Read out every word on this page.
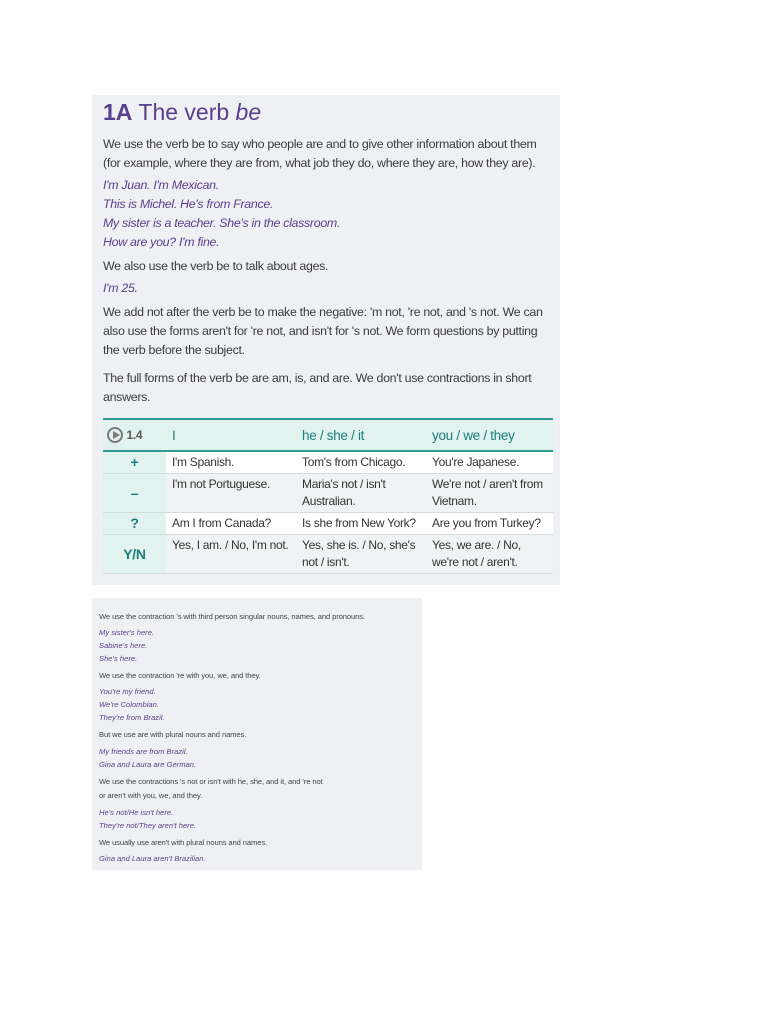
1A The verb be

We use the verb be to say who people are and to give other information about them (for example, where they are from, what job they do, where they are, how they are).

I'm Juan. I'm Mexican.

This is Michel. He's from France.

My sister is a teacher. She's in the classroom.

How are you? I'm fine.

We also use the verb be to talk about ages.

I'm 25.

We add not after the verb be to make the negative: 'm not, 're not, and 's not. We can also use the forms aren't for 're not, and isn't for 's not. We form questions by putting the verb before the subject.

The full forms of the verb be are am, is, and are. We don't use contractions in short answers.

1.4	I	he / she / it	you / we / they
+	I'm Spanish.	Tom's from Chicago.	You're Japanese.
–	I'm not Portuguese.	Maria's not / isn't Australian.	We're not / aren't from Vietnam.
?	Am I from Canada?	Is she from New York?	Are you from Turkey?
Y/N	Yes, I am. / No, I'm not.	Yes, she is. / No, she's not / isn't.	Yes, we are. / No, we're not / aren't.

We use the contraction 's with third person singular nouns, names, and pronouns.

My sister's here.

Sabine's here.

She's here.

We use the contraction 're with you, we, and they.

You're my friend.

We're Colombian.

They're from Brazil.

But we use are with plural nouns and names.

My friends are from Brazil.

Gina and Laura are German.

We use the contractions 's not or isn't with he, she, and it, and 're not

or aren't with you, we, and they.

He's not/He isn't here.

They're not/They aren't here.

We usually use aren't with plural nouns and names.

Gina and Laura aren't Brazilian.
